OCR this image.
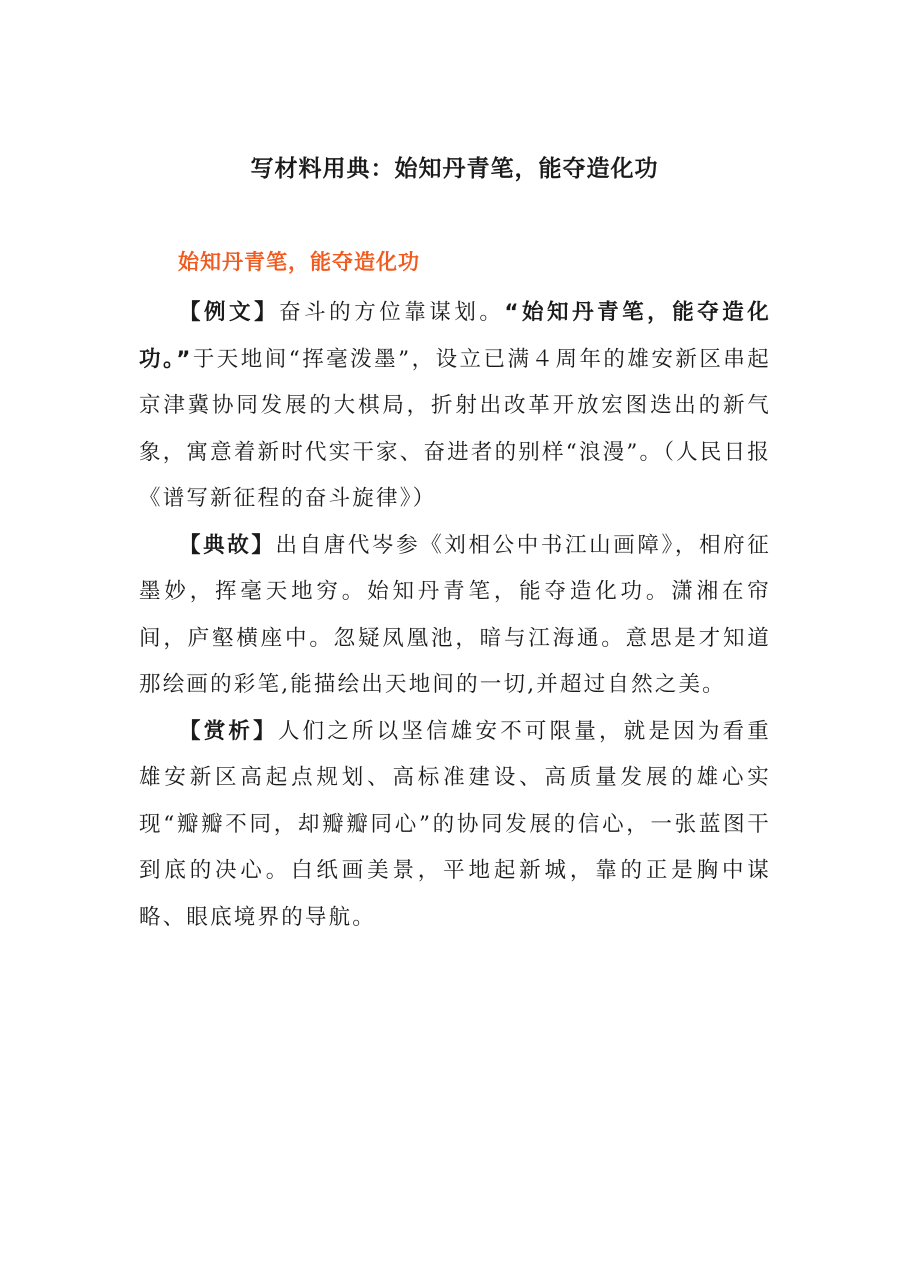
写材料用典：始知丹青笔，能夺造化功
始知丹青笔，能夺造化功

【例文】奋斗的方位靠谋划。“始知丹青笔，能夺造化功。”于天地间“挥毫泼墨”，设立已满４周年的雄安新区串起京津冀协同发展的大棋局，折射出改革开放宏图迭出的新气象，寓意着新时代实干家、奋进者的别样“浪漫”。（人民日报《谱写新征程的奋斗旋律》）

【典故】出自唐代岑参《刘相公中书江山画障》，相府征墨妙，挥毫天地穷。始知丹青笔，能夺造化功。潇湘在帘间，庐壑横座中。忽疑凤凰池，暗与江海通。意思是才知道那绘画的彩笔,能描绘出天地间的一切,并超过自然之美。

【赏析】人们之所以坚信雄安不可限量，就是因为看重雄安新区高起点规划、高标准建设、高质量发展的雄心实现“瓣瓣不同，却瓣瓣同心”的协同发展的信心，一张蓝图干到底的决心。白纸画美景，平地起新城，靠的正是胸中谋略、眼底境界的导航。
